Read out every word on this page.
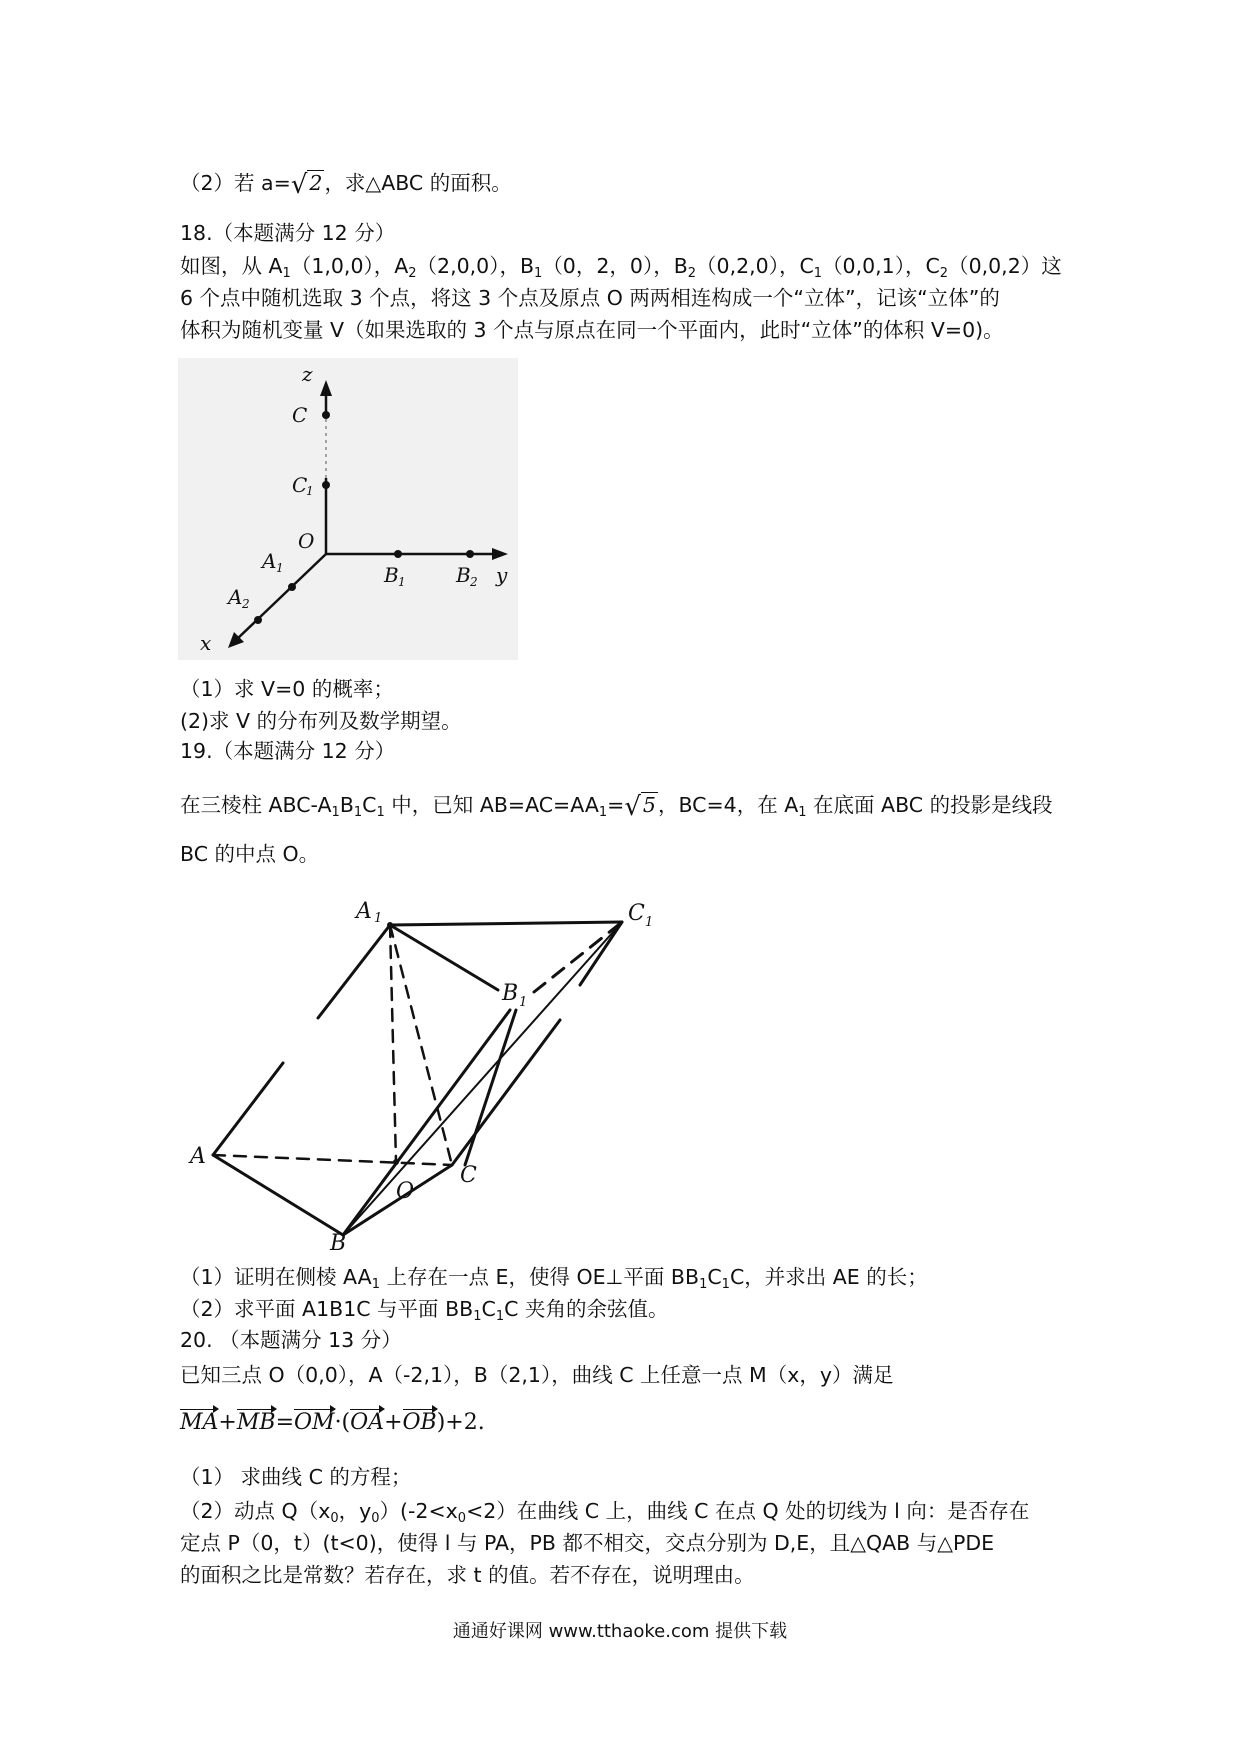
（2）若 a=√2，求△ABC 的面积。
18.（本题满分 12 分）
如图，从 $A_1(1,0,0)$，$A_2(2,0,0)$，$B_1(0$，2，0），$B_2(0,2,0)$，$C_1(0,0,1)$，$C_2(0,0,2)$这
6 个点中随机选取 3 个点，将这 3 个点及原点 O 两两相连构成一个“立体”，记该“立体”的
体积为随机变量 V（如果选取的 3 个点与原点在同一个平面内，此时“立体”的体积 V=0)。
z
C
C
1
O
A 1
A 2
x
B 1	B 2 y
（1）求 V=0 的概率；
(2)求 V 的分布列及数学期望。
19.（本题满分 12 分）
在三棱柱 ABC-$A_1B_1C_1$ 中，已知 $AB=AC=AA_1=√5$，BC=4，在 $A_1$ 在底面 ABC 的投影是线段
BC 的中点 O。
A 1	C 1
B 1
A
C
O
B
（1）证明在侧棱 $AA_1$ 上存在一点 E，使得 OE⊥平面 $BB_1C_1C$，并求出 AE 的长；
（2）求平面 A1B1C 与平面 $BB_1C_1C$ 夹角的余弦值。
20. （本题满分 13 分）
已知三点 O（0,0），A（-2,1），B（2,1），曲线 C 上任意一点 M（x，y）满足
MA+MB=OM·(OA+OB)+2.
（1） 求曲线 C 的方程；
（2）动点 $Q(x_0$，$y_0)(-2<x_0<2)$在曲线 C 上，曲线 C 在点 Q 处的切线为 l 向：是否存在
定点 P（0，t）(t<0)，使得 l 与 PA，PB 都不相交，交点分别为 D,E，且△QAB 与△PDE
的面积之比是常数？若存在，求 t 的值。若不存在，说明理由。
通通好课网 www.tthaoke.com 提供下载
